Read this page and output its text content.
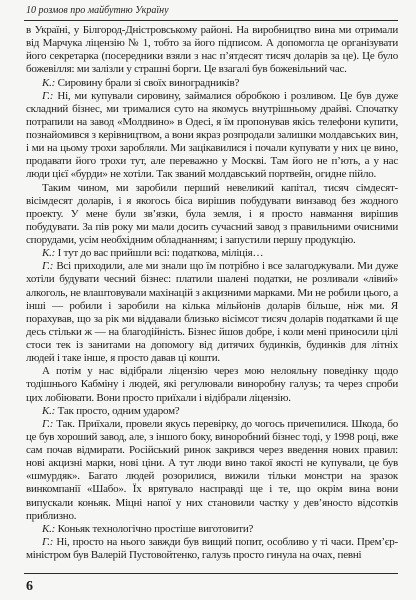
10 розмов про майбутню Україну

в Україні, у Білгород-Дністровському районі. На виробництво вина ми отримали від Марчука ліцензію № 1, тобто за його підписом. А допомогла це організувати його секретарка (посередники взяли з нас п’ятдесят тисяч доларів за це). Це було божевілля: ми залізли у страшні борги. Це взагалі був божевільний час.

К.: Сировину брали зі своїх виноградників?

Г.: Ні, ми купували сировину, займалися обробкою і розливом. Це був дуже складний бізнес, ми трималися суто на якомусь внутрішньому драйві. Спочатку потрапили на завод «Молдвино» в Одесі, я їм пропонував якісь телефони купити, познайомився з керівництвом, а вони якраз розпродали залишки молдавських вин, і ми на цьому трохи заробляли. Ми зацікавилися і почали купувати у них це вино, продавати його трохи тут, але переважно у Москві. Там його не п’ють, а у нас люди цієї «бурди» не хотіли. Так званий молдавський портвейн, огидне пійло.

Таким чином, ми заробили перший невеликий капітал, тисяч сімдесят-вісімдесят доларів, і я якогось біса вирішив побудувати винзавод без жодного проекту. У мене були зв’язки, була земля, і я просто навмання вирішив побудувати. За пів року ми мали досить сучасний завод з правильними очисними спорудами, усім необхідним обладнанням; і запустили першу продукцію.

К.: І тут до вас прийшли всі: податкова, міліція…

Г.: Всі приходили, але ми знали що їм потрібно і все залагоджували. Ми дуже хотіли будувати чесний бізнес: платили шалені податки, не розливали «лівий» алкоголь, не влаштовували махінацій з акцизними марками. Ми не робили цього, а інші — робили і заробили на кілька мільйонів доларів більше, ніж ми. Я порахував, що за рік ми віддавали близько вісімсот тисяч доларів податками й ще десь стільки ж — на благодійність. Бізнес йшов добре, і коли мені приносили цілі стоси тек із занитами на допомогу від дитячих будинків, будинків для літніх людей і таке інше, я просто давав ці кошти.

А потім у нас відібрали ліцензію через мою нелояльну поведінку щодо тодішнього Кабміну і людей, які регулювали виноробну галузь; та через спроби цих лобіювати. Вони просто приїхали і відібрали ліцензію.

К.: Так просто, одним ударом?

Г.: Так. Приїхали, провели якусь перевірку, до чогось причепилися. Шкода, бо це був хороший завод, але, з іншого боку, виноробний бізнес тоді, у 1998 році, вже сам почав відмирати. Російський ринок закрився через введення нових правил: нові акцизні марки, нові ціни. А тут люди вино такої якості не купували, це був «шмурдяк». Багато людей розорилися, вижили тільки монстри на зразок винкомпанії «Шабо». Їх врятувало насправді ще і те, що окрім вина вони випускали коньяк. Міцні напої у них становили частку у дев’яносто відсотків приблизно.

К.: Коньяк технологічно простіше виготовити?

Г.: Ні, просто на нього завжди був вищий попит, особливо у ті часи. Прем’єр-міністром був Валерій Пустовойтенко, галузь просто гинула на очах, певні

6
